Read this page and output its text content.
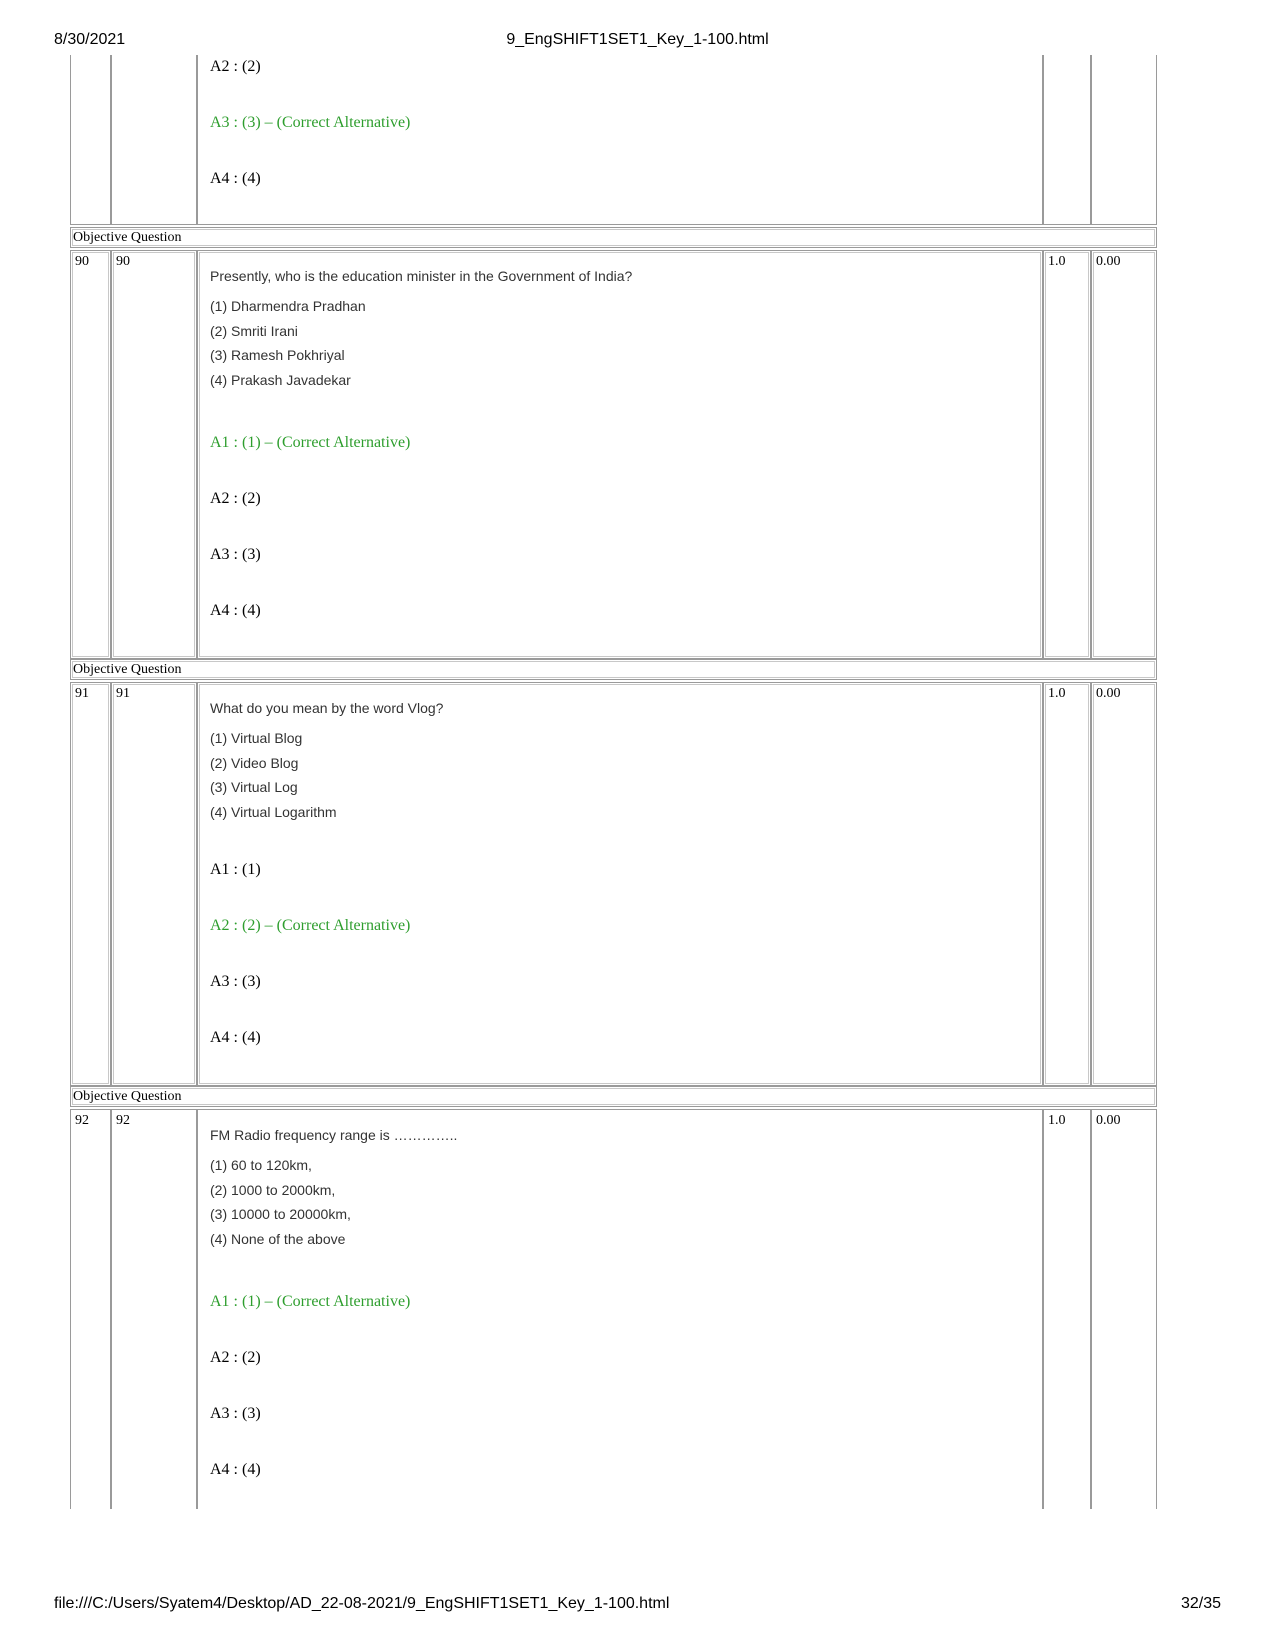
8/30/2021	9_EngSHIFT1SET1_Key_1-100.html
A2 : (2)
A3 : (3) – (Correct Alternative)
A4 : (4)
Objective Question
90	90
Presently, who is the education minister in the Government of India?
(1) Dharmendra Pradhan
(2) Smriti Irani
(3) Ramesh Pokhriyal
(4) Prakash Javadekar
A1 : (1) – (Correct Alternative)
A2 : (2)
A3 : (3)
A4 : (4)
1.0	0.00
Objective Question
91	91
What do you mean by the word Vlog?
(1) Virtual Blog
(2) Video Blog
(3) Virtual Log
(4) Virtual Logarithm
A1 : (1)
A2 : (2) – (Correct Alternative)
A3 : (3)
A4 : (4)
1.0	0.00
Objective Question
92	92
FM Radio frequency range is …………..
(1) 60 to 120km,
(2) 1000 to 2000km,
(3) 10000 to 20000km,
(4) None of the above
A1 : (1) – (Correct Alternative)
A2 : (2)
A3 : (3)
A4 : (4)
1.0	0.00
file:///C:/Users/Syatem4/Desktop/AD_22-08-2021/9_EngSHIFT1SET1_Key_1-100.html	32/35
